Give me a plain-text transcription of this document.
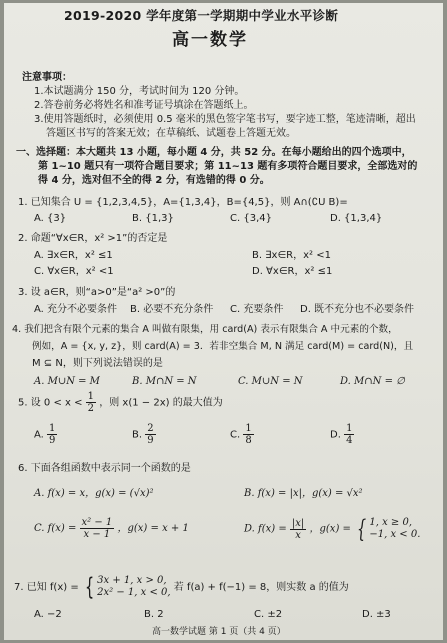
2019-2020 学年度第一学期期中学业水平诊断
高一数学
注意事项：
1.本试题满分 150 分，考试时间为 120 分钟。
2.答卷前务必将姓名和准考证号填涂在答题纸上。
3.使用答题纸时，必须使用 0.5 毫米的黑色签字笔书写，要字迹工整，笔迹清晰，超出
答题区书写的答案无效；在草稿纸、试题卷上答题无效。
一、选择题：本大题共 13 小题，每小题 4 分，共 52 分。在每小题给出的四个选项中，
第 1~10 题只有一项符合题目要求；第 11~13 题有多项符合题目要求，全部选对的
得 4 分，选对但不全的得 2 分，有选错的得 0 分。
1. 已知集合 U = {1,2,3,4,5}，A={1,3,4}，B={4,5}，则 A∩(∁U B)=
A. {3}	B. {1,3}	C. {3,4}	D. {1,3,4}
2. 命题“∀x∈R，x² >1”的否定是
A. ∃x∈R，x² ≤1	B. ∃x∈R，x² <1
C. ∀x∈R，x² <1	D. ∀x∈R，x² ≤1
3. 设 a∈R，则“a>0”是“a² >0”的
A. 充分不必要条件 B. 必要不充分条件 C. 充要条件 D. 既不充分也不必要条件
4. 我们把含有限个元素的集合 A 叫做有限集，用 card(A) 表示有限集合 A 中元素的个数，
例如，A = {x, y, z}，则 card(A) = 3．若非空集合 M, N 满足 card(M) = card(N)，且
M ⊆ N，则下列说法错误的是
A. M∪N = M	B. M∩N = N	C. M∪N = N	D. M∩N = ∅
5. 设 $0 < x < \frac{1}{2}$ ，则 x(1 − 2x) 的最大值为
A. $\frac{1}{9}$	B. $\frac{2}{9}$	C. $\frac{1}{8}$	D. $\frac{1}{4}$
6. 下面各组函数中表示同一个函数的是
A. f(x) = x，g(x) = (√x)²	B. f(x) = |x|，g(x) = √x²
C. $f(x) = \frac{\text{x² − 1}}{x - 1}$ ，g(x) = x + 1	D. $f(x) = \frac{|x|}{x}$ ，g(x) = { 1, x ≥ 0,
−1, x < 0.
7. 已知 f(x) = { 3x + 1, x > 0,
2x² − 1, x < 0, 若 f(a) + f(−1) = 8，则实数 a 的值为
A. −2	B. 2	C. ±2	D. ±3
高一数学试题 第 1 页（共 4 页）
